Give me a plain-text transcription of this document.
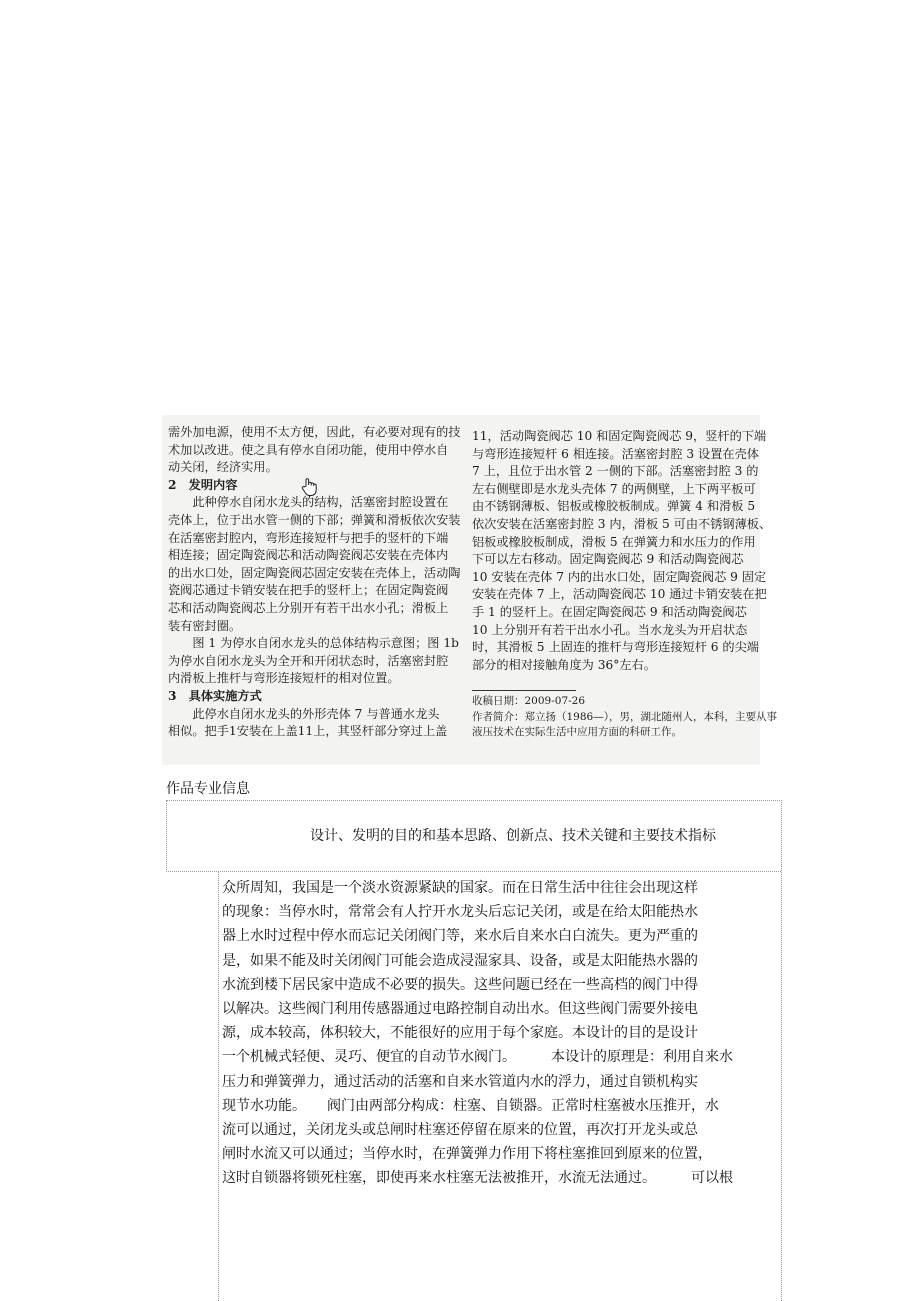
需外加电源，使用不太方便，因此，有必要对现有的技

术加以改进。使之具有停水自闭功能，使用中停水自

动关闭，经济实用。

2　发明内容

　　此种停水自闭水龙头的结构，活塞密封腔设置在

壳体上，位于出水管一侧的下部；弹簧和滑板依次安装

在活塞密封腔内，弯形连接短杆与把手的竖杆的下端

相连接；固定陶瓷阀芯和活动陶瓷阀芯安装在壳体内

的出水口处，固定陶瓷阀芯固定安装在壳体上，活动陶

瓷阀芯通过卡销安装在把手的竖杆上；在固定陶瓷阀

芯和活动陶瓷阀芯上分别开有若干出水小孔；滑板上

装有密封圈。

　　图 1 为停水自闭水龙头的总体结构示意图；图 1b

为停水自闭水龙头为全开和开闭状态时，活塞密封腔

内滑板上推杆与弯形连接短杆的相对位置。

3　具体实施方式

　　此停水自闭水龙头的外形壳体 7 与普通水龙头

相似。把手1安装在上盖11上，其竖杆部分穿过上盖

11，活动陶瓷阀芯 10 和固定陶瓷阀芯 9，竖杆的下端

与弯形连接短杆 6 相连接。活塞密封腔 3 设置在壳体

7 上，且位于出水管 2 一侧的下部。活塞密封腔 3 的

左右侧壁即是水龙头壳体 7 的两侧壁，上下两平板可

由不锈钢薄板、铝板或橡胶板制成。弹簧 4 和滑板 5

依次安装在活塞密封腔 3 内，滑板 5 可由不锈钢薄板、

铝板或橡胶板制成，滑板 5 在弹簧力和水压力的作用

下可以左右移动。固定陶瓷阀芯 9 和活动陶瓷阀芯

10 安装在壳体 7 内的出水口处，固定陶瓷阀芯 9 固定

安装在壳体 7 上，活动陶瓷阀芯 10 通过卡销安装在把

手 1 的竖杆上。在固定陶瓷阀芯 9 和活动陶瓷阀芯

10 上分别开有若干出水小孔。当水龙头为开启状态

时，其滑板 5 上固连的推杆与弯形连接短杆 6 的尖端

部分的相对接触角度为 36°左右。

收稿日期：2009-07-26

作者简介：郑立扬（1986—），男，湖北随州人，本科，主要从事

液压技术在实际生活中应用方面的科研工作。

作品专业信息
设计、发明的目的和基本思路、创新点、技术关键和主要技术指标

众所周知，我国是一个淡水资源紧缺的国家。而在日常生活中往往会出现这样

的现象：当停水时，常常会有人拧开水龙头后忘记关闭，或是在给太阳能热水

器上水时过程中停水而忘记关闭阀门等，来水后自来水白白流失。更为严重的

是，如果不能及时关闭阀门可能会造成浸湿家具、设备，或是太阳能热水器的

水流到楼下居民家中造成不必要的损失。这些问题已经在一些高档的阀门中得

以解决。这些阀门利用传感器通过电路控制自动出水。但这些阀门需要外接电

源，成本较高，体积较大，不能很好的应用于每个家庭。本设计的目的是设计

一个机械式轻便、灵巧、便宜的自动节水阀门。　　　本设计的原理是：利用自来水

压力和弹簧弹力，通过活动的活塞和自来水管道内水的浮力，通过自锁机构实

现节水功能。　　阀门由两部分构成：柱塞、自锁器。正常时柱塞被水压推开，水

流可以通过，关闭龙头或总闸时柱塞还停留在原来的位置，再次打开龙头或总

闸时水流又可以通过；当停水时，在弹簧弹力作用下将柱塞推回到原来的位置，

这时自锁器将锁死柱塞，即使再来水柱塞无法被推开，水流无法通过。　　　可以根
